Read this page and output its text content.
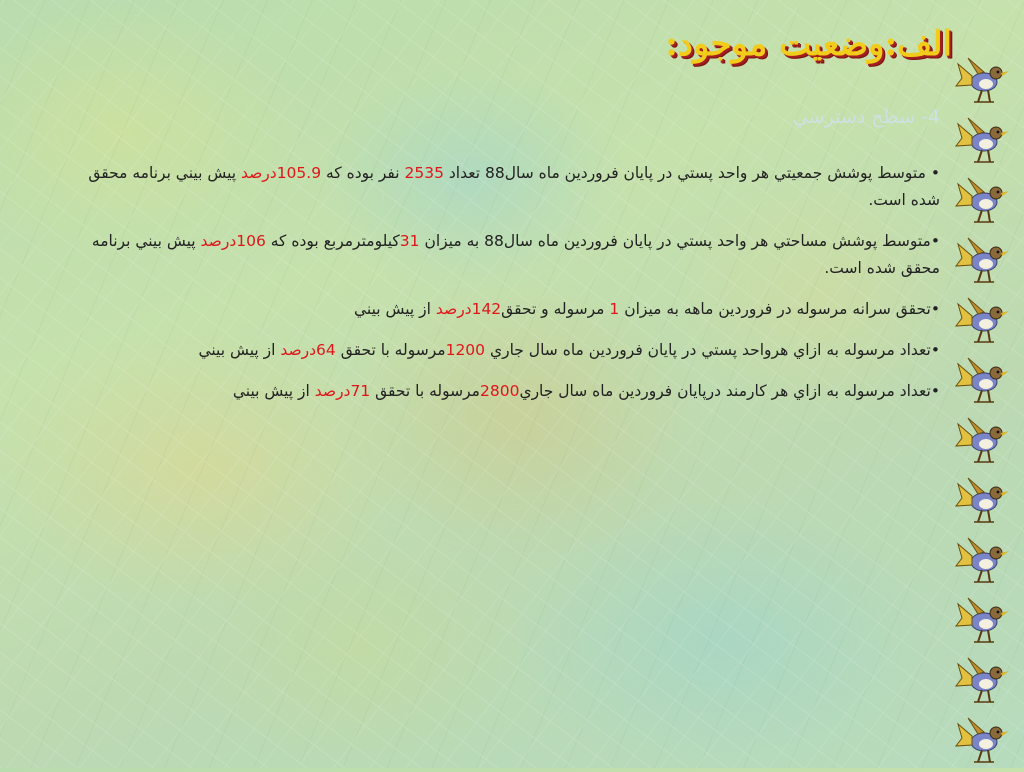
الف:وضعيت موجود:
4- سطح دسترسي

• متوسط پوشش جمعيتي هر واحد پستي در پايان فروردين ماه سال88 تعداد 2535 نفر بوده كه 105.9درصد پيش بيني برنامه محقق شده است.

•متوسط پوشش مساحتي هر واحد پستي در پايان فروردين ماه سال88 به ميزان 31كيلومترمربع بوده كه 106درصد پيش بيني برنامه محقق شده است.

•تحقق سرانه مرسوله در فروردين ماهه به ميزان 1 مرسوله و تحقق142درصد از پيش بيني

•تعداد مرسوله به ازاي هرواحد پستي در پايان فروردين ماه سال جاري 1200مرسوله با تحقق 64درصد از پيش بيني

•تعداد مرسوله به ازاي هر كارمند درپايان فروردين ماه سال جاري2800مرسوله با تحقق 71درصد از پيش بيني
